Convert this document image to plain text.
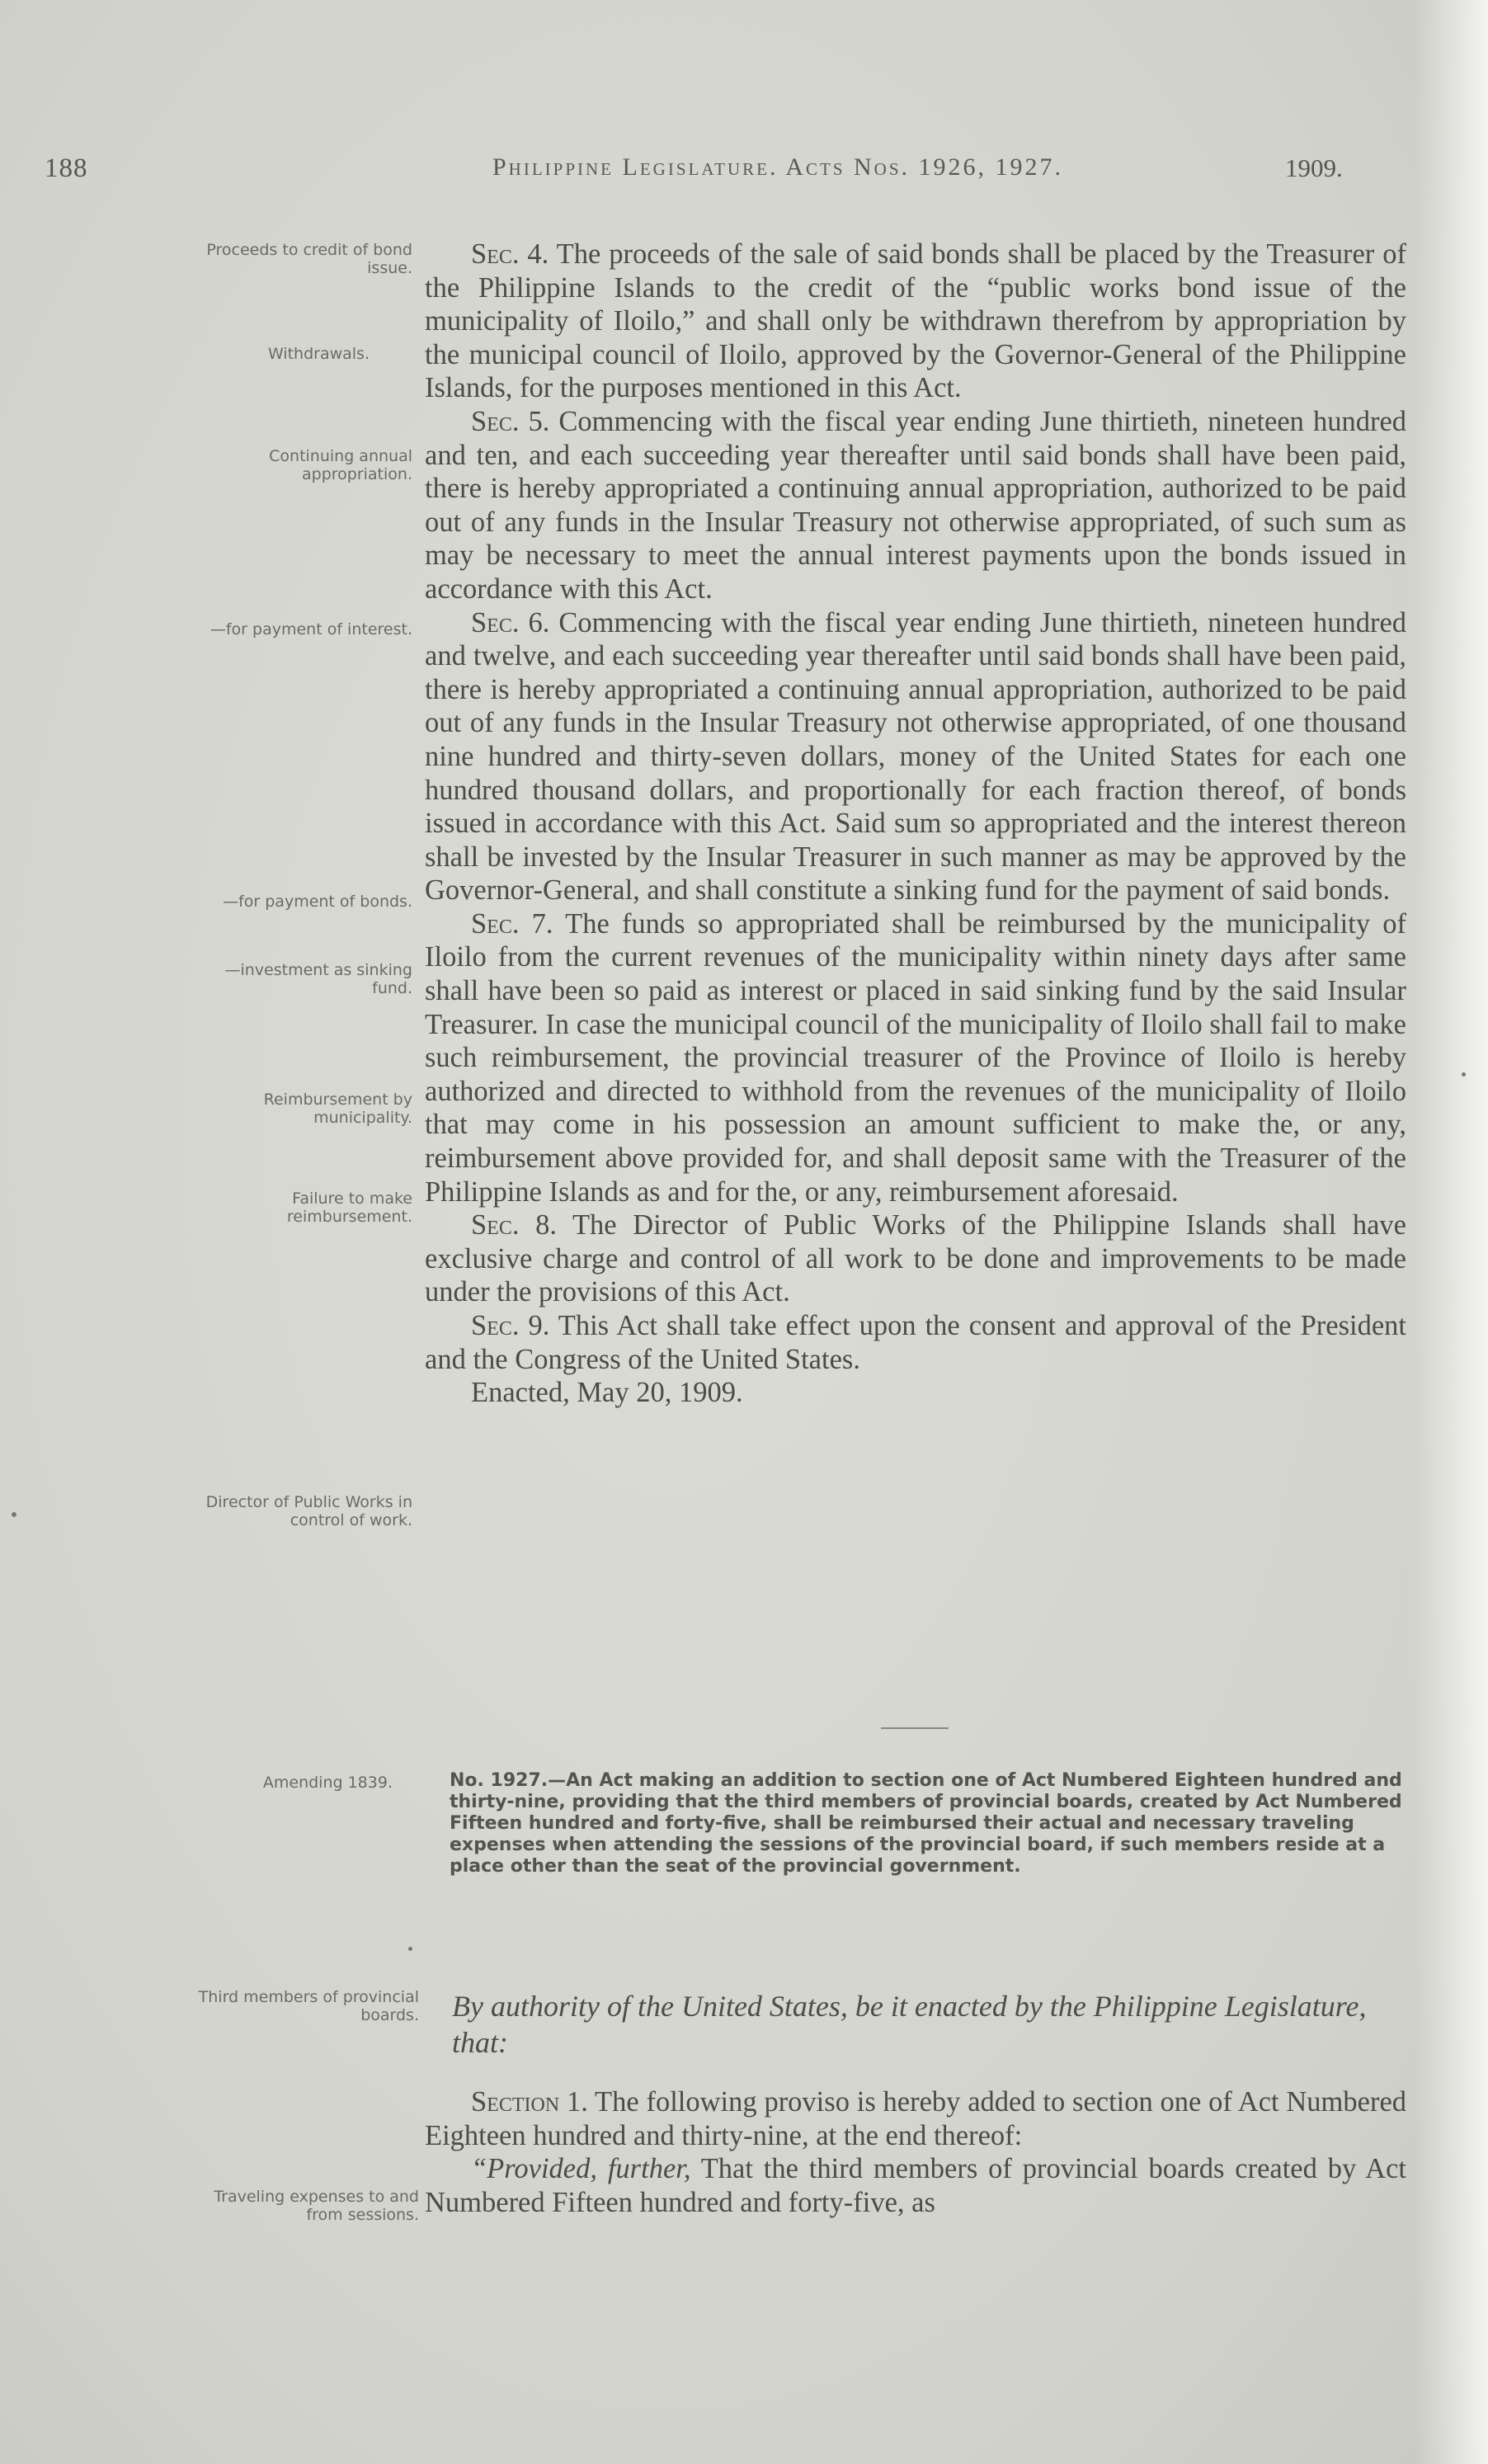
188	Philippine Legislature. Acts Nos. 1926, 1927.	1909.
Proceeds to credit of bond issue.
Withdrawals.
Continuing annual appropriation.
—for payment of interest.
—for payment of bonds.
—investment as sinking fund.
Reimbursement by municipality.
Failure to make reimbursement.
Director of Public Works in control of work.
Amending 1839.
Third members of provincial boards.
Traveling expenses to and from sessions.

Sec. 4. The proceeds of the sale of said bonds shall be placed by the Treasurer of the Philippine Islands to the credit of the “public works bond issue of the municipality of Iloilo,” and shall only be withdrawn therefrom by appropriation by the municipal council of Iloilo, approved by the Governor-General of the Philippine Islands, for the purposes mentioned in this Act.

Sec. 5. Commencing with the fiscal year ending June thirtieth, nineteen hundred and ten, and each succeeding year thereafter until said bonds shall have been paid, there is hereby appropriated a continuing annual appropriation, authorized to be paid out of any funds in the Insular Treasury not otherwise appropriated, of such sum as may be necessary to meet the annual interest payments upon the bonds issued in accordance with this Act.

Sec. 6. Commencing with the fiscal year ending June thirtieth, nineteen hundred and twelve, and each succeeding year thereafter until said bonds shall have been paid, there is hereby appropriated a continuing annual appropriation, authorized to be paid out of any funds in the Insular Treasury not otherwise appropriated, of one thousand nine hundred and thirty-seven dollars, money of the United States for each one hundred thousand dollars, and proportionally for each fraction thereof, of bonds issued in accordance with this Act. Said sum so appropriated and the interest thereon shall be invested by the Insular Treasurer in such manner as may be approved by the Governor-General, and shall constitute a sinking fund for the payment of said bonds.

Sec. 7. The funds so appropriated shall be reimbursed by the municipality of Iloilo from the current revenues of the municipality within ninety days after same shall have been so paid as interest or placed in said sinking fund by the said Insular Treasurer. In case the municipal council of the municipality of Iloilo shall fail to make such reimbursement, the provincial treasurer of the Province of Iloilo is hereby authorized and directed to withhold from the revenues of the municipality of Iloilo that may come in his possession an amount sufficient to make the, or any, reimbursement above provided for, and shall deposit same with the Treasurer of the Philippine Islands as and for the, or any, reimbursement aforesaid.

Sec. 8. The Director of Public Works of the Philippine Islands shall have exclusive charge and control of all work to be done and improvements to be made under the provisions of this Act.

Sec. 9. This Act shall take effect upon the consent and approval of the President and the Congress of the United States.

Enacted, May 20, 1909.

No. 1927.—An Act making an addition to section one of Act Numbered Eighteen hundred and thirty-nine, providing that the third members of provincial boards, created by Act Numbered Fifteen hundred and forty-five, shall be reimbursed their actual and necessary traveling expenses when attending the sessions of the provincial board, if such members reside at a place other than the seat of the provincial government.
By authority of the United States, be it enacted by the Philippine Legislature, that:

Section 1. The following proviso is hereby added to section one of Act Numbered Eighteen hundred and thirty-nine, at the end thereof:

“Provided, further, That the third members of provincial boards created by Act Numbered Fifteen hundred and forty-five, as
